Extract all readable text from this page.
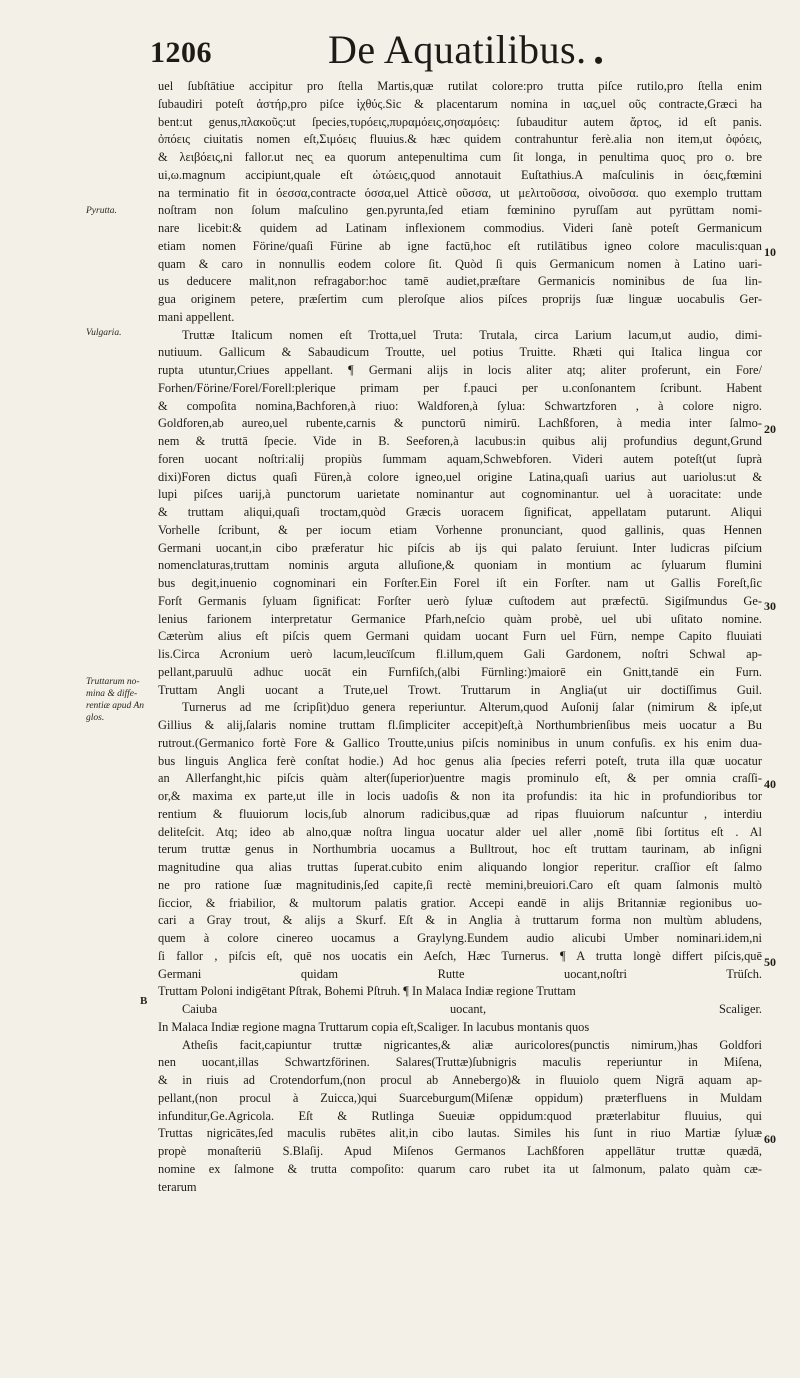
1206	De Aquatilibus. •
Pyrutta.
Vulgaria.
Truttarum no-mina & diffe-rentiæ apud An glos.
B
10
20
30
40
50
60
uel ſubſtātiue accipitur pro ſtella Martis,quæ rutilat colore:pro trutta piſce rutilo,pro ſtella enim
ſubaudiri poteſt ἀστήρ,pro piſce ἰχθύς.Sic & placentarum nomina in ιας,uel οῦς contracte,Græci ha
bent:ut genus,πλακοῦς:ut ſpecies,τυρόεις,πυραμόεις,σησαμόεις: ſubauditur autem ἄρτος, id eſt panis.
ὀπόεις ciuitatis nomen eſt,Σιμόεις fluuius.& hæc quidem contrahuntur ferè.alia non item,ut ὀφόεις,
& λειβόεις,ni fallor.ut nec̨ ea quorum antepenultima cum ſit longa, in penultima quoc̨ pro ο. bre
ui,ω.magnum accipiunt,quale eſt ὠτώεις,quod annotauit Euſtathius.A maſculinis in όεις,fœmini
na terminatio fit in όεσσα,contracte όσσα,uel Atticè οῦσσα, ut μελιτοῦσσα, οἰνοῦσσα. quo exemplo truttam
noſtram non ſolum maſculino gen.pyrunta,ſed etiam fœminino pyruſſam aut pyrūttam nomi-
nare licebit:& quidem ad Latinam inflexionem commodius. Videri ſanè poteſt Germanicum
etiam nomen Förine/quaſi Fürine ab igne factū,hoc eſt rutilātibus igneo colore maculis:quan
quam & caro in nonnullis eodem colore ſit. Quòd ſi quis Germanicum nomen à Latino uari-
us deducere malit,non refragabor:hoc tamē audiet,præſtare Germanicis nominibus de ſua lin-
gua originem petere, præſertim cum pleroſque alios piſces proprijs ſuæ linguæ uocabulis Ger-
mani appellent.
Truttæ Italicum nomen eſt Trotta,uel Truta: Trutala, circa Larium lacum,ut audio, dimi-
nutiuum. Gallicum & Sabaudicum Troutte, uel potius Truitte. Rhæti qui Italica lingua cor
rupta utuntur,Criues appellant. ¶ Germani alijs in locis aliter atq; aliter proferunt, ein Fore/
Forhen/Förine/Forel/Forell:plerique primam per f.pauci per u.conſonantem ſcribunt. Habent
& compoſita nomina,Bachforen,à riuo: Waldforen,à ſylua: Schwartzforen , à colore nigro.
Goldforen,ab aureo,uel rubente,carnis & punctorū nimirū. Lachßforen, à media inter ſalmo-
nem & truttā ſpecie. Vide in B. Seeforen,à lacubus:in quibus alij profundius degunt,Grund
foren uocant noſtri:alij propiùs ſummam aquam,Schwebforen. Videri autem poteſt(ut ſuprà
dixi)Foren dictus quaſi Füren,à colore igneo,uel origine Latina,quaſi uarius aut uariolus:ut &
lupi piſces uarij,à punctorum uarietate nominantur aut cognominantur. uel à uoracitate: unde
& truttam aliqui,quaſi troctam,quòd Græcis uoracem ſignificat, appellatam putarunt. Aliqui
Vorhelle ſcribunt, & per iocum etiam Vorhenne pronunciant, quod gallinis, quas Hennen
Germani uocant,in cibo præferatur hic piſcis ab ijs qui palato ſeruiunt. Inter ludicras piſcium
nomenclaturas,truttam nominis arguta alluſione,& quoniam in montium ac ſyluarum flumini
bus degit,inuenio cognominari ein Forſter.Ein Forel iſt ein Forſter. nam ut Gallis Foreſt,ſic
Forſt Germanis ſyluam ſignificat: Forſter uerò ſyluæ cuſtodem aut præfectū. Sigiſmundus Ge-
lenius farionem interpretatur Germanice Pfarh,neſcio quàm probè, uel ubi uſitato nomine.
Cæterùm alius eſt piſcis quem Germani quidam uocant Furn uel Fürn, nempe Capito fluuiati
lis.Circa Acronium uerò lacum,leucïſcum fl.illum,quem Gali Gardonem, noſtri Schwal ap-
pellant,paruulū adhuc uocāt ein Furnfiſch,(albi Fürnling:)maiorē ein Gnitt,tandē ein Furn.
Truttam Angli uocant a Trute,uel Trowt. Truttarum in Anglia(ut uir doctiſſimus Guil.
Turnerus ad me ſcripſit)duo genera reperiuntur. Alterum,quod Auſonij ſalar (nimirum & ipſe,ut
Gillius & alij,ſalaris nomine truttam fl.ſimpliciter accepit)eſt,à Northumbrienſibus meis uocatur a Bu
rutrout.(Germanico fortè Fore & Gallico Troutte,unius piſcis nominibus in unum confuſis. ex his enim dua-
bus linguis Anglica ferè conſtat hodie.) Ad hoc genus alia ſpecies referri poteſt, truta illa quæ uocatur
an Allerfanght,hic piſcis quàm alter(ſuperior)uentre magis prominulo eſt, & per omnia craſſi-
or,& maxima ex parte,ut ille in locis uadoſis & non ita profundis: ita hic in profundioribus tor
rentium & fluuiorum locis,ſub alnorum radicibus,quæ ad ripas fluuiorum naſcuntur , interdiu
deliteſcit. Atq; ideo ab alno,quæ noſtra lingua uocatur alder uel aller ,nomē ſibi ſortitus eſt . Al
terum truttæ genus in Northumbria uocamus a Bulltrout, hoc eſt truttam taurinam, ab inſigni
magnitudine qua alias truttas ſuperat.cubito enim aliquando longior reperitur. craſſior eſt ſalmo
ne pro ratione ſuæ magnitudinis,ſed capite,ſi rectè memini,breuiori.Caro eſt quam ſalmonis multò
ſiccior, & friabilior, & multorum palatis gratior. Accepi eandē in alijs Britanniæ regionibus uo-
cari a Gray trout, & alijs a Skurf. Eſt & in Anglia à truttarum forma non multùm abludens,
quem à colore cinereo uocamus a Graylyng.Eundem audio alicubi Umber nominari.idem,ni
ſi fallor , piſcis eſt, quē nos uocatis ein Aeſch, Hæc Turnerus. ¶ A trutta longè differt piſcis,quē
Germani quidam Rutte uocant,noſtri Trüſch.
Truttam Poloni indigētant Pſtrak, Bohemi Pſtruh. ¶ In Malaca Indiæ regione Truttam
Caiuba uocant, Scaliger.
In Malaca Indiæ regione magna Truttarum copia eſt,Scaliger. In lacubus montanis quos
Atheſis facit,capiuntur truttæ nigricantes,& aliæ auricolores(punctis nimirum,)has Goldfori
nen uocant,illas Schwartzförinen. Salares(Truttæ)ſubnigris maculis reperiuntur in Miſena,
& in riuis ad Crotendorfum,(non procul ab Annebergo)& in fluuiolo quem Nigrā aquam ap-
pellant,(non procul à Zuicca,)qui Suarceburgum(Miſenæ oppidum) præterfluens in Muldam
infunditur,Ge.Agricola. Eſt & Rutlinga Sueuiæ oppidum:quod præterlabitur fluuius, qui
Truttas nigricātes,ſed maculis rubētes alit,in cibo lautas. Similes his ſunt in riuo Martiæ ſyluæ
propè monaſteriū S.Blaſij. Apud Miſenos Germanos Lachßforen appellātur truttæ quædā,
nomine ex ſalmone & trutta compoſito: quarum caro rubet ita ut ſalmonum, palato quàm cæ-
terarum
